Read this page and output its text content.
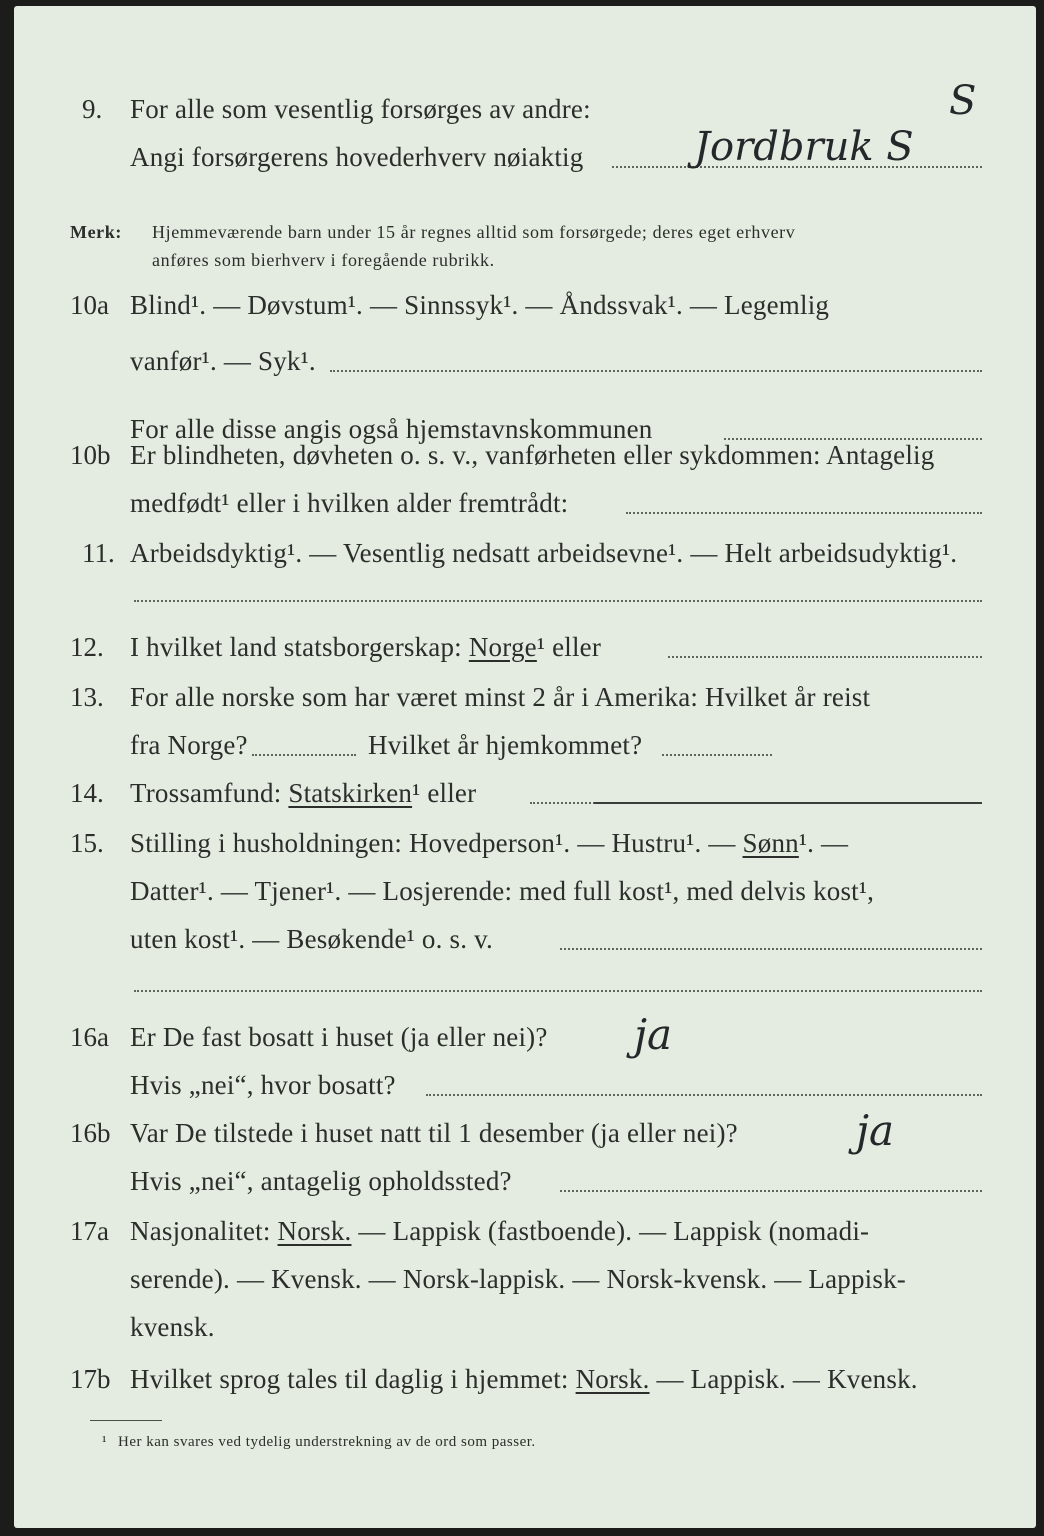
9. For alle som vesentlig forsørges av andre:
Angi forsørgerens hovederhverv nøiaktig	Jordbruk S
S
Merk: Hjemmeværende barn under 15 år regnes alltid som forsørgede; deres eget erhverv
anføres som bierhverv i foregående rubrikk.
10a Blind¹. — Døvstum¹. — Sinnssyk¹. — Åndssvak¹. — Legemlig
vanfør¹. — Syk¹.
For alle disse angis også hjemstavnskommunen
10b Er blindheten, døvheten o. s. v., vanførheten eller sykdommen: Antagelig
medfødt¹ eller i hvilken alder fremtrådt:
11. Arbeidsdyktig¹. — Vesentlig nedsatt arbeidsevne¹. — Helt arbeidsudyktig¹.
12. I hvilket land statsborgerskap: Norge¹ eller
13. For alle norske som har været minst 2 år i Amerika: Hvilket år reist
fra Norge?	Hvilket år hjemkommet?
14. Trossamfund: Statskirken¹ eller
15. Stilling i husholdningen: Hovedperson¹. — Hustru¹. — Sønn¹. —
Datter¹. — Tjener¹. — Losjerende: med full kost¹, med delvis kost¹,
uten kost¹. — Besøkende¹ o. s. v.
16a Er De fast bosatt i huset (ja eller nei)? ja
Hvis „nei“, hvor bosatt?
16b Var De tilstede i huset natt til 1 desember (ja eller nei)?	ja
Hvis „nei“, antagelig opholdssted?
17a Nasjonalitet: Norsk. — Lappisk (fastboende). — Lappisk (nomadi-
serende). — Kvensk. — Norsk-lappisk. — Norsk-kvensk. — Lappisk-
kvensk.
17b Hvilket sprog tales til daglig i hjemmet: Norsk. — Lappisk. — Kvensk.
¹ Her kan svares ved tydelig understrekning av de ord som passer.
